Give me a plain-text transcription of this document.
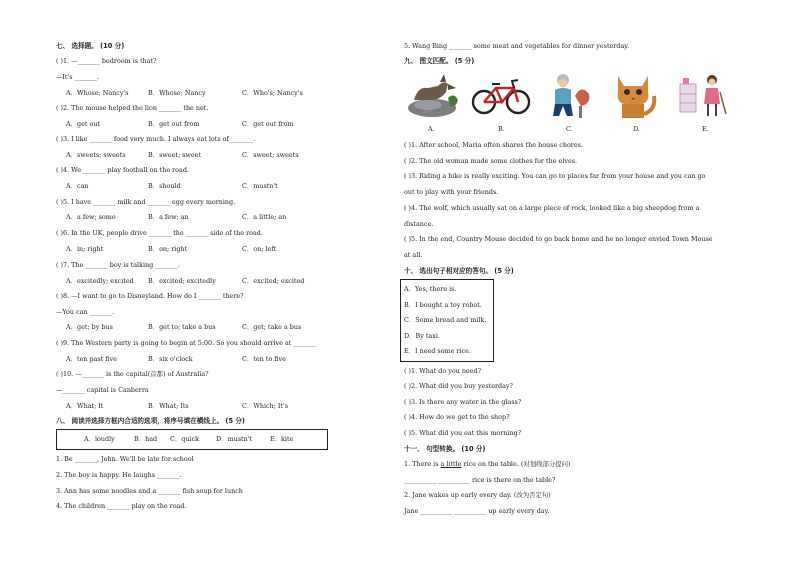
七、 选择题。 (10 分)
( )1. —_______ bedroom is that?
—It's _______.
A．Whose; Nancy's	B．Whose; Nancy	C．Who's; Nancy's
( )2. The mouse helped the lion _______ the net.
A．get out	B．get out from	C．get out from
( )3. I like _______ food very much. I always eat lots of _______.
A．sweets; sweets	B．sweet; sweet	C．sweet; sweets
( )4. We _______ play football on the road.
A．can	B．should	C．mustn't
( )5. I have _______ milk and _______ egg every morning.
A．a few; some	B．a few; an	C．a little; an
( )6. In the UK, people drive _______ the _______ side of the road.
A．in; right	B．on; right	C．on; left
( )7. The _______ boy is talking _______.
A．excitedly; excited B．excited; excitedly	C．excited; excited
( )8. —I want to go to Disneyland. How do I _______ there?
—You can _______.
A．get; by bus	B．get to; take a bus	C．get; take a bus
( )9. The Western party is going to begin at 5:00. So you should arrive at _______
A．ten past five	B．six o'clock	C．ten to five
( )10. —_______ is the capital(首都) of Australia?
—_______ capital is Canberra
A．What; It	B．What; Its	C．Which; It's
八、 阅读并选择方框内合适的选项，将序号填在横线上。 (5 分)
A．loudly	B．had C．quick	D．mustn't	E．kite
1. Be _______, John. We'll be late for school
2. The boy is happy. He laughs _______.
3. Ann has some noodles and a _______ fish soup for lunch
4. The children _______ play on the road.
5. Wang Bing _______ some meat and vegetables for dinner yesterday.
九、 图文匹配。 (5 分)
A.	B.	C.	D.	E.
( )1. After school, Maria often shares the house chores.
( )2. The old woman made some clothes for the elves.
( )3. Riding a bike is really exciting. You can go to places far from your house and you can go
out to play with your friends.
( )4. The wolf, which usually sat on a large piece of rock, looked like a big sheepdog from a
distance.
( )5. In the end, Country Mouse decided to go back home and he no longer envied Town Mouse
at all.
十、 选出句子相对应的答句。 (5 分)
A．Yes, there is.
B．I bought a toy robot.
C．Some bread and milk.
D．By taxi.
E．I need some rice.
( )1. What do you need?
( )2. What did you buy yesterday?
( )3. Is there any water in the glass?
( )4. How do we get to the shop?
( )5. What did you eat this morning?
十一、 句型转换。 (10 分)
1. There is a little rice on the table. (对划线部分提问)
__________ __________ rice is there on the table?
2. Jane wakes up early every day. (改为否定句)
Jane __________ __________ up early every day.
